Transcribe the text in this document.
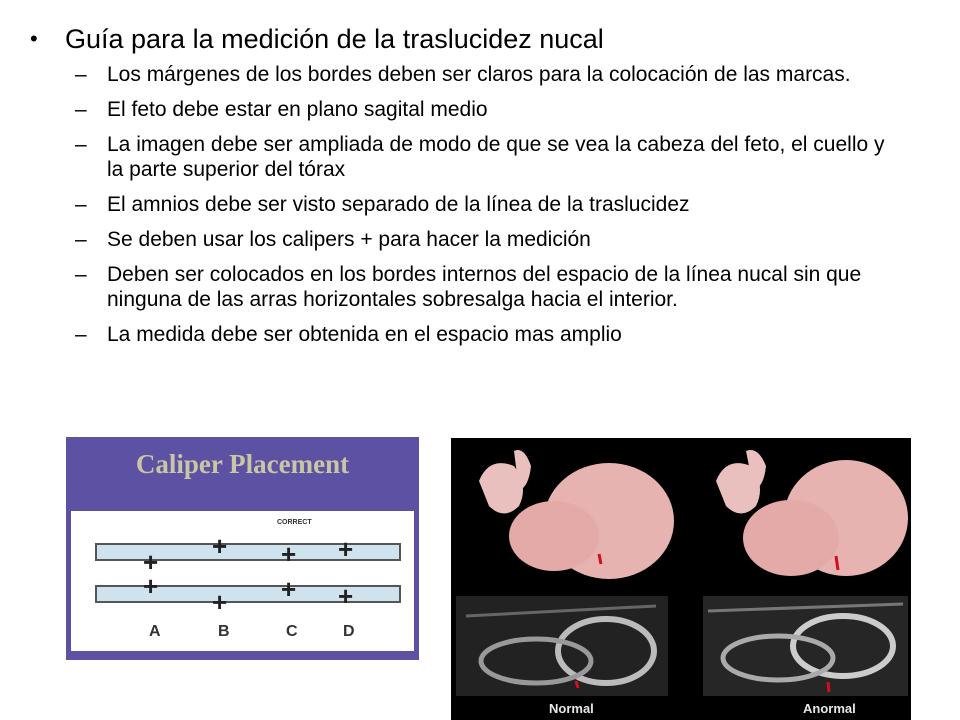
• Guía para la medición de la traslucidez nucal
– Los márgenes de los bordes deben ser claros para la colocación de las marcas.
– El feto debe estar en plano sagital medio
– La imagen debe ser ampliada de modo de que se vea la cabeza del feto, el cuello y la parte superior del tórax
– El amnios debe ser visto separado de la línea de la traslucidez
– Se deben usar los calipers + para hacer la medición
– Deben ser colocados en los bordes internos del espacio de la línea nucal sin que ninguna de las arras horizontales sobresalga hacia el interior.
– La medida debe ser obtenida en el espacio mas amplio
Caliper Placement
CORRECT
+
+
+
+
+
+
+
+
A	B	C	D
Normal	Anormal
